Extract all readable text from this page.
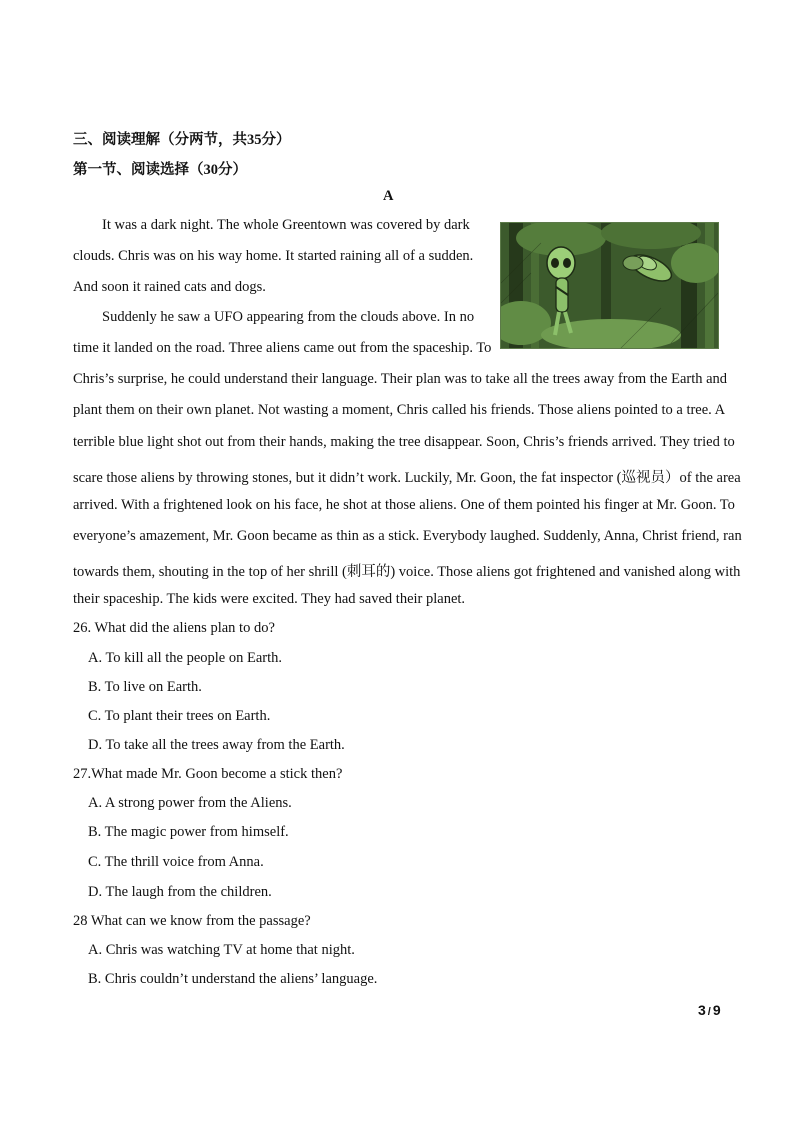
三、阅读理解（分两节，共35分）
第一节、阅读选择（30分）
A
It was a dark night. The whole Greentown was covered by dark
clouds. Chris was on his way home. It started raining all of a sudden.
And soon it rained cats and dogs.
Suddenly he saw a UFO appearing from the clouds above. In no
time it landed on the road. Three aliens came out from the spaceship. To
Chris’s surprise, he could understand their language. Their plan was to take all the trees away from the Earth and
plant them on their own planet. Not wasting a moment, Chris called his friends. Those aliens pointed to a tree. A
terrible blue light shot out from their hands, making the tree disappear. Soon, Chris’s friends arrived. They tried to
scare those aliens by throwing stones, but it didn’t work. Luckily, Mr. Goon, the fat inspector (巡视员）of the area
arrived. With a frightened look on his face, he shot at those aliens. One of them pointed his finger at Mr. Goon. To
everyone’s amazement, Mr. Goon became as thin as a stick. Everybody laughed. Suddenly, Anna, Christ friend, ran
towards them, shouting in the top of her shrill (刺耳的) voice. Those aliens got frightened and vanished along with
their spaceship. The kids were excited. They had saved their planet.
26. What did the aliens plan to do?
A. To kill all the people on Earth.
B. To live on Earth.
C. To plant their trees on Earth.
D. To take all the trees away from the Earth.
27.What made Mr. Goon become a stick then?
A. A strong power from the Aliens.
B. The magic power from himself.
C. The thrill voice from Anna.
D. The laugh from the children.
28 What can we know from the passage?
A. Chris was watching TV at home that night.
B. Chris couldn’t understand the aliens’ language.
3 / 9
